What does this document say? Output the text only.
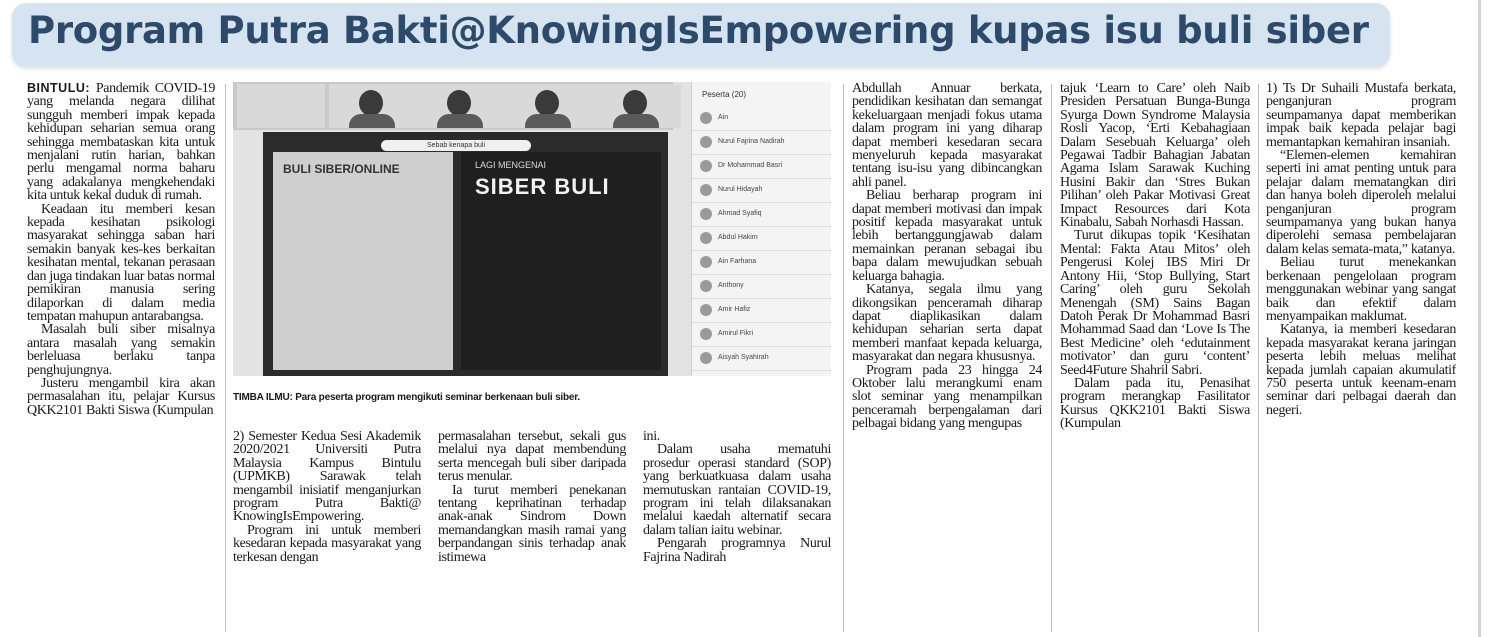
Program Putra Bakti@KnowingIsEmpowering kupas isu buli siber

BINTULU: Pandemik COVID-19 yang melanda negara dilihat sungguh memberi impak kepada kehidupan seharian semua orang sehingga membataskan kita untuk menjalani rutin harian, bahkan perlu mengamal norma baharu yang adakalanya mengkehendaki kita untuk kekal duduk di rumah.

Keadaan itu memberi kesan kepada kesihatan psikologi masyarakat sehingga saban hari semakin banyak kes-kes berkaitan kesihatan mental, tekanan perasaan dan juga tindakan luar batas normal pemikiran manusia sering dilaporkan di dalam media tempatan mahupun antarabangsa.

Masalah buli siber misalnya antara masalah yang semakin berleluasa berlaku tanpa penghujungnya.

Justeru mengambil kira akan permasalahan itu, pelajar Kursus QKK2101 Bakti Siswa (Kumpulan

Sebab kenapa buli
BULI SIBER/ONLINE	LAGI MENGENAI
SIBER BULI
Peserta (20)
Ain
Nurul Fajrina Nadirah
Dr Mohammad Basri
Nurul Hidayah
Ahmad Syafiq
Abdul Hakim
Ain Farhana
Anthony
Amir Hafiz
Amirul Fikri
Aisyah Syahirah

TIMBA ILMU: Para peserta program mengikuti seminar berkenaan buli siber.

2) Semester Kedua Sesi Akademik 2020/2021 Universiti Putra Malaysia Kampus Bintulu (UPMKB) Sarawak telah mengambil inisiatif menganjurkan program Putra Bakti@ KnowingIsEmpowering.

Program ini untuk memberi kesedaran kepada masyarakat yang terkesan dengan

permasalahan tersebut, sekali gus melalui nya dapat membendung serta mencegah buli siber daripada terus menular.

Ia turut memberi penekanan tentang keprihatinan terhadap anak-anak Sindrom Down memandangkan masih ramai yang berpandangan sinis terhadap anak istimewa

ini.

Dalam usaha mematuhi prosedur operasi standard (SOP) yang berkuatkuasa dalam usaha memutuskan rantaian COVID-19, program ini telah dilaksanakan melalui kaedah alternatif secara dalam talian iaitu webinar.

Pengarah programnya Nurul Fajrina Nadirah

Abdullah Annuar berkata, pendidikan kesihatan dan semangat kekeluargaan menjadi fokus utama dalam program ini yang diharap dapat memberi kesedaran secara menyeluruh kepada masyarakat tentang isu-isu yang dibincangkan ahli panel.

Beliau berharap program ini dapat memberi motivasi dan impak positif kepada masyarakat untuk lebih bertanggungjawab dalam memainkan peranan sebagai ibu bapa dalam mewujudkan sebuah keluarga bahagia.

Katanya, segala ilmu yang dikongsikan penceramah diharap dapat diaplikasikan dalam kehidupan seharian serta dapat memberi manfaat kepada keluarga, masyarakat dan negara khususnya.

Program pada 23 hingga 24 Oktober lalu merangkumi enam slot seminar yang menampilkan penceramah berpengalaman dari pelbagai bidang yang mengupas

tajuk ‘Learn to Care’ oleh Naib Presiden Persatuan Bunga-Bunga Syurga Down Syndrome Malaysia Rosli Yacop, ‘Erti Kebahagiaan Dalam Sesebuah Keluarga’ oleh Pegawai Tadbir Bahagian Jabatan Agama Islam Sarawak Kuching Husini Bakir dan ‘Stres Bukan Pilihan’ oleh Pakar Motivasi Great Impact Resources dari Kota Kinabalu, Sabah Norhasdi Hassan.

Turut dikupas topik ‘Kesihatan Mental: Fakta Atau Mitos’ oleh Pengerusi Kolej IBS Miri Dr Antony Hii, ‘Stop Bullying, Start Caring’ oleh guru Sekolah Menengah (SM) Sains Bagan Datoh Perak Dr Mohammad Basri Mohammad Saad dan ‘Love Is The Best Medicine’ oleh ‘edutainment motivator’ dan guru ‘content’ Seed4Future Shahril Sabri.

Dalam pada itu, Penasihat program merangkap Fasilitator Kursus QKK2101 Bakti Siswa (Kumpulan

1) Ts Dr Suhaili Mustafa berkata, penganjuran program seumpamanya dapat memberikan impak baik kepada pelajar bagi memantapkan kemahiran insaniah.

“Elemen-elemen kemahiran seperti ini amat penting untuk para pelajar dalam mematangkan diri dan hanya boleh diperoleh melalui penganjuran program seumpamanya yang bukan hanya diperolehi semasa pembelajaran dalam kelas semata-mata,” katanya.

Beliau turut menekankan berkenaan pengelolaan program menggunakan webinar yang sangat baik dan efektif dalam menyampaikan maklumat.

Katanya, ia memberi kesedaran kepada masyarakat kerana jaringan peserta lebih meluas melihat kepada jumlah capaian akumulatif 750 peserta untuk keenam-enam seminar dari pelbagai daerah dan negeri.
